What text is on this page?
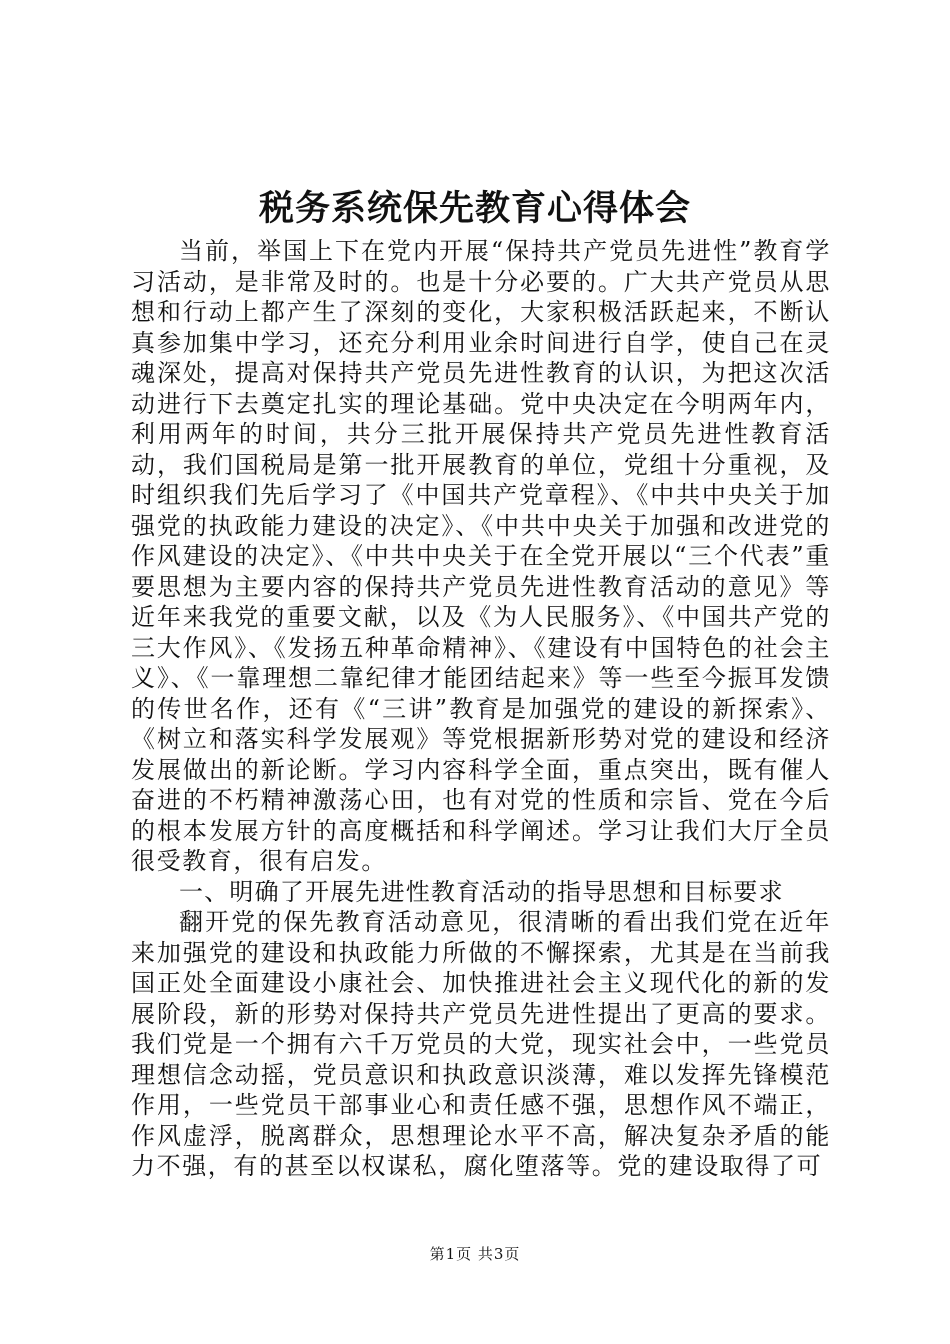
税务系统保先教育心得体会

当前，举国上下在党内开展“保持共产党员先进性”教育学习活动，是非常及时的。也是十分必要的。广大共产党员从思想和行动上都产生了深刻的变化，大家积极活跃起来，不断认真参加集中学习，还充分利用业余时间进行自学，使自己在灵魂深处，提高对保持共产党员先进性教育的认识，为把这次活动进行下去奠定扎实的理论基础。党中央决定在今明两年内，利用两年的时间，共分三批开展保持共产党员先进性教育活动，我们国税局是第一批开展教育的单位，党组十分重视，及时组织我们先后学习了《中国共产党章程》、《中共中央关于加强党的执政能力建设的决定》、《中共中央关于加强和改进党的作风建设的决定》、《中共中央关于在全党开展以“三个代表”重要思想为主要内容的保持共产党员先进性教育活动的意见》等近年来我党的重要文献，以及《为人民服务》、《中国共产党的三大作风》、《发扬五种革命精神》、《建设有中国特色的社会主义》、《一靠理想二靠纪律才能团结起来》等一些至今振耳发馈的传世名作，还有《“三讲”教育是加强党的建设的新探索》、《树立和落实科学发展观》等党根据新形势对党的建设和经济发展做出的新论断。学习内容科学全面，重点突出，既有催人奋进的不朽精神激荡心田，也有对党的性质和宗旨、党在今后的根本发展方针的高度概括和科学阐述。学习让我们大厅全员很受教育，很有启发。

一、明确了开展先进性教育活动的指导思想和目标要求

翻开党的保先教育活动意见，很清晰的看出我们党在近年来加强党的建设和执政能力所做的不懈探索，尤其是在当前我国正处全面建设小康社会、加快推进社会主义现代化的新的发展阶段，新的形势对保持共产党员先进性提出了更高的要求。我们党是一个拥有六千万党员的大党，现实社会中，一些党员理想信念动摇，党员意识和执政意识淡薄，难以发挥先锋模范作用，一些党员干部事业心和责任感不强，思想作风不端正，作风虚浮，脱离群众，思想理论水平不高，解决复杂矛盾的能力不强，有的甚至以权谋私，腐化堕落等。党的建设取得了可

第1页 共3页
